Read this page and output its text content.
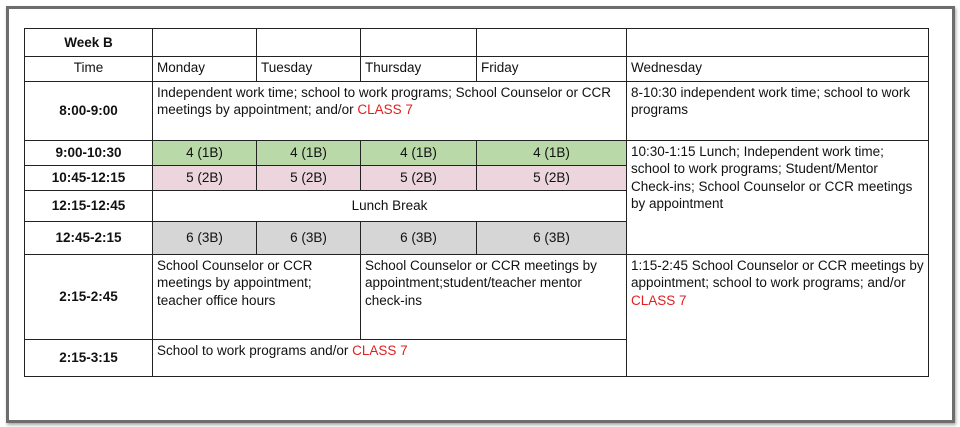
Week B					
Time	Monday	Tuesday	Thursday	Friday	Wednesday
8:00-9:00	Independent work time; school to work programs; School Counselor or CCR meetings by appointment; and/or CLASS 7				8-10:30 independent work time; school to work programs
9:00-10:30	4 (1B)	4 (1B)	4 (1B)	4 (1B)	10:30-1:15 Lunch; Independent work time; school to work programs; Student/Mentor Check-ins; School Counselor or CCR meetings by appointment
10:45-12:15	5 (2B)	5 (2B)	5 (2B)	5 (2B)	
12:15-12:45	Lunch Break				
12:45-2:15	6 (3B)	6 (3B)	6 (3B)	6 (3B)	
2:15-2:45	School Counselor or CCR meetings by appointment; teacher office hours		School Counselor or CCR meetings by appointment;student/teacher mentor check-ins		1:15-2:45 School Counselor or CCR meetings by appointment; school to work programs; and/or CLASS 7
2:15-3:15	School to work programs and/or CLASS 7				
